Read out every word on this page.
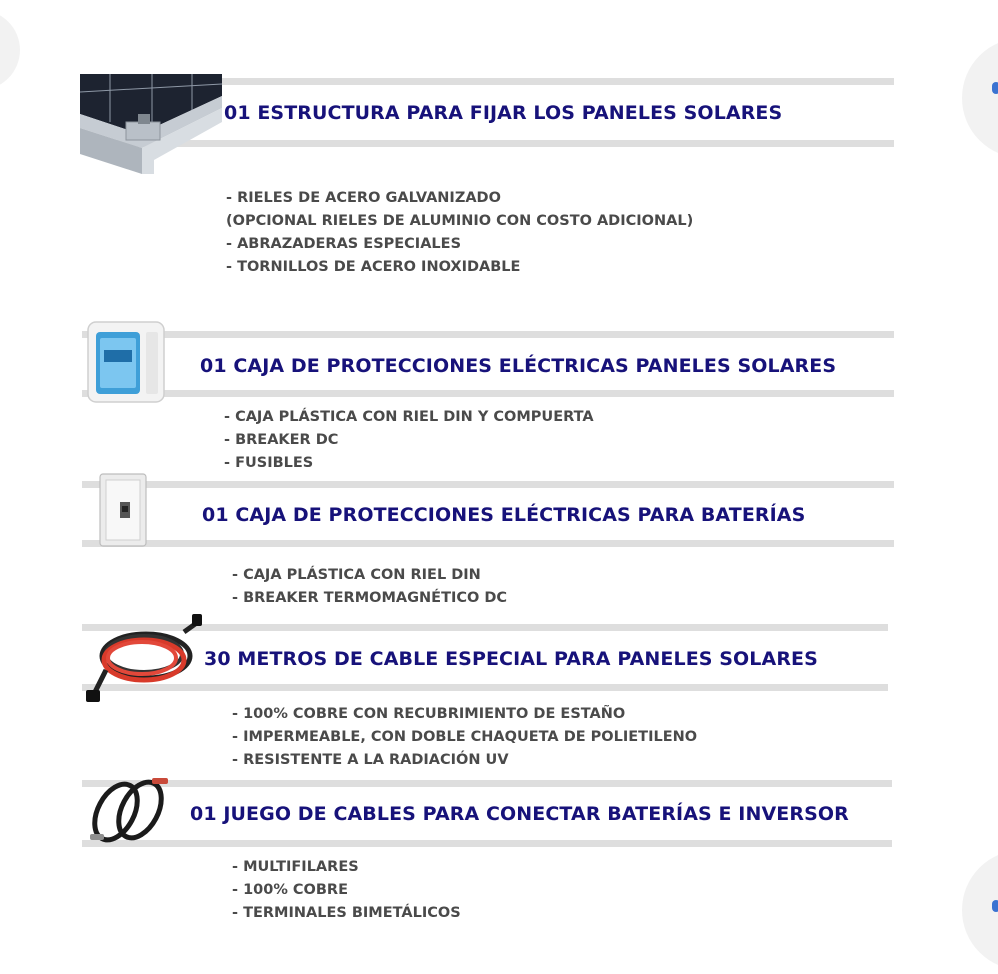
01 ESTRUCTURA PARA FIJAR LOS PANELES SOLARES
- RIELES DE ACERO GALVANIZADO
(OPCIONAL RIELES DE ALUMINIO CON COSTO ADICIONAL)
- ABRAZADERAS ESPECIALES
- TORNILLOS DE ACERO INOXIDABLE
01 CAJA DE PROTECCIONES ELÉCTRICAS PANELES SOLARES
- CAJA PLÁSTICA CON RIEL DIN Y COMPUERTA
- BREAKER DC
- FUSIBLES
01 CAJA DE PROTECCIONES ELÉCTRICAS PARA BATERÍAS
- CAJA PLÁSTICA CON RIEL DIN
- BREAKER TERMOMAGNÉTICO DC
30 METROS DE CABLE ESPECIAL PARA PANELES SOLARES
- 100% COBRE CON RECUBRIMIENTO DE ESTAÑO
- IMPERMEABLE, CON DOBLE CHAQUETA DE POLIETILENO
- RESISTENTE A LA RADIACIÓN UV
01 JUEGO DE CABLES PARA CONECTAR BATERÍAS E INVERSOR
- MULTIFILARES
- 100% COBRE
- TERMINALES BIMETÁLICOS
